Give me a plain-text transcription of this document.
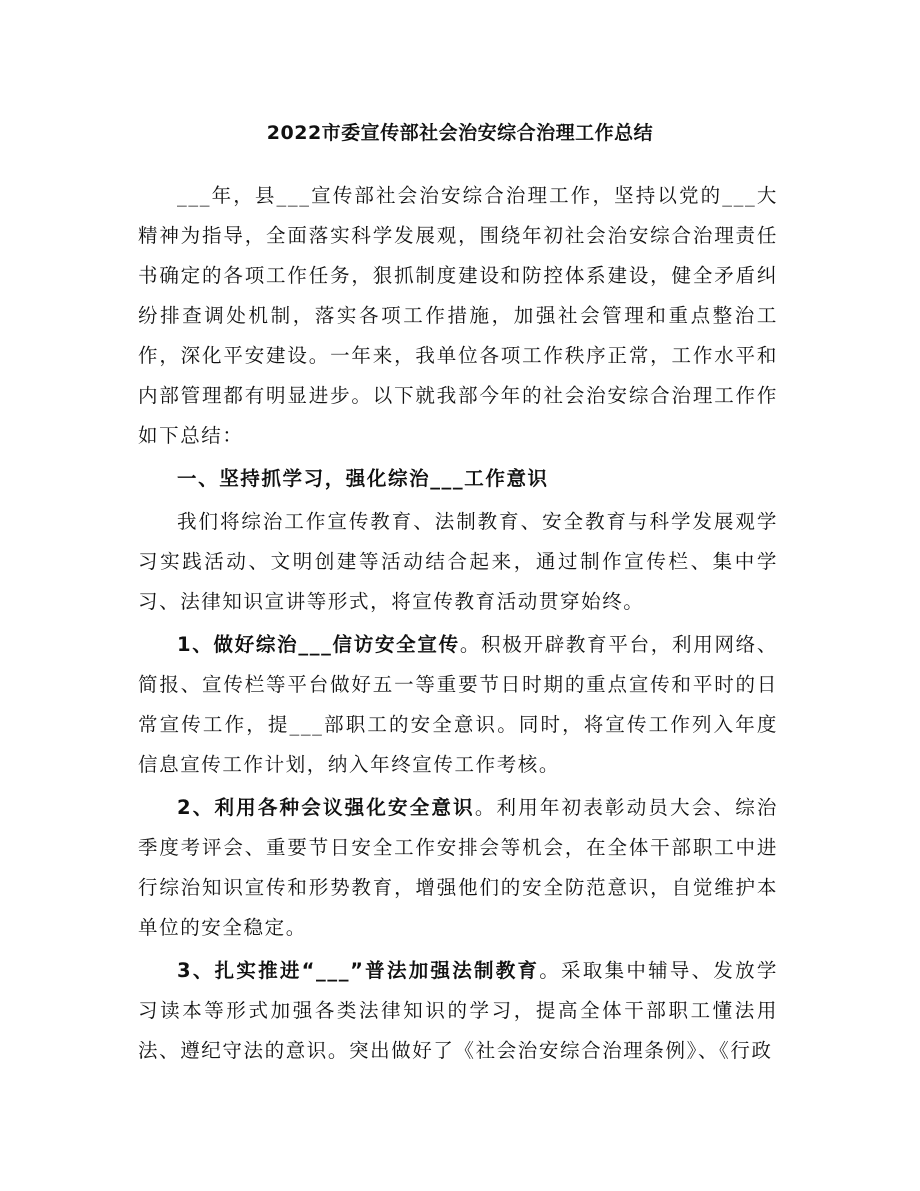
2022市委宣传部社会治安综合治理工作总结

___年，县___宣传部社会治安综合治理工作，坚持以党的___大精神为指导，全面落实科学发展观，围绕年初社会治安综合治理责任书确定的各项工作任务，狠抓制度建设和防控体系建设，健全矛盾纠纷排查调处机制，落实各项工作措施，加强社会管理和重点整治工作，深化平安建设。一年来，我单位各项工作秩序正常，工作水平和内部管理都有明显进步。以下就我部今年的社会治安综合治理工作作如下总结：

一、坚持抓学习，强化综治___工作意识

我们将综治工作宣传教育、法制教育、安全教育与科学发展观学习实践活动、文明创建等活动结合起来，通过制作宣传栏、集中学习、法律知识宣讲等形式，将宣传教育活动贯穿始终。

1、做好综治___信访安全宣传。积极开辟教育平台，利用网络、简报、宣传栏等平台做好五一等重要节日时期的重点宣传和平时的日常宣传工作，提___部职工的安全意识。同时，将宣传工作列入年度信息宣传工作计划，纳入年终宣传工作考核。

2、利用各种会议强化安全意识。利用年初表彰动员大会、综治季度考评会、重要节日安全工作安排会等机会，在全体干部职工中进行综治知识宣传和形势教育，增强他们的安全防范意识，自觉维护本单位的安全稳定。

3、扎实推进“___”普法加强法制教育。采取集中辅导、发放学习读本等形式加强各类法律知识的学习，提高全体干部职工懂法用法、遵纪守法的意识。突出做好了《社会治安综合治理条例》、《行政
